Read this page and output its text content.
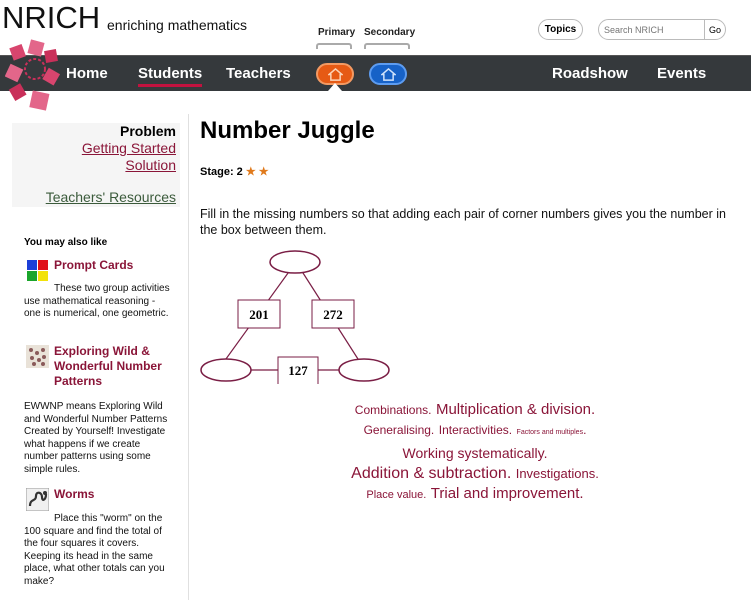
NRICH enriching mathematics	Primary Secondary	Topics
Search NRICH	Go
Home Students Teachers	Roadshow Events
Problem
Getting Started
Solution
Teachers' Resources
You may also like
Prompt Cards
These two group activities use mathematical reasoning - one is numerical, one geometric.
Exploring Wild &
Wonderful Number
Patterns
EWWNP means Exploring Wild and Wonderful Number Patterns Created by Yourself! Investigate what happens if we create number patterns using some simple rules.
Worms
Place this "worm" on the 100 square and find the total of the four squares it covers. Keeping its head in the same place, what other totals can you make?
Number Juggle
Stage: 2 ★ ★
Fill in the missing numbers so that adding each pair of corner numbers gives you the number in the box between them.
201	272
127
Combinations. Multiplication & division.
Generalising. Interactivities. Factors and multiples.
Working systematically.
Addition & subtraction. Investigations.
Place value. Trial and improvement.
